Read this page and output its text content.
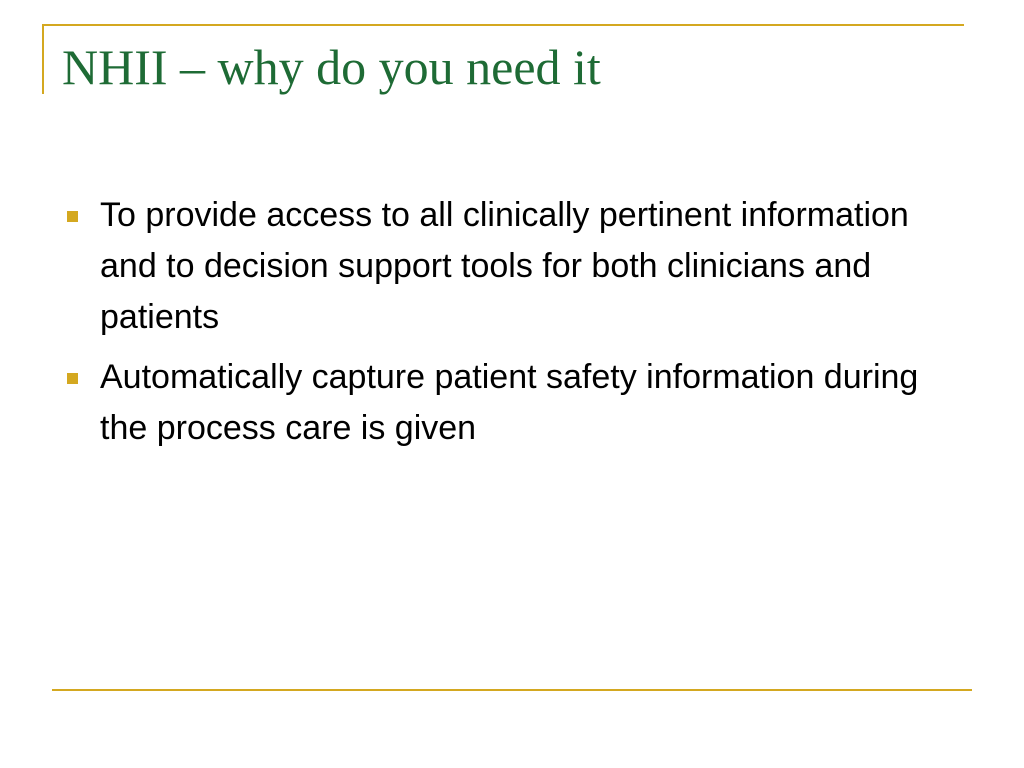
NHII – why do you need it
To provide access to all clinically pertinent information and to decision support tools for both clinicians and patients
Automatically capture patient safety information during the process care is given
